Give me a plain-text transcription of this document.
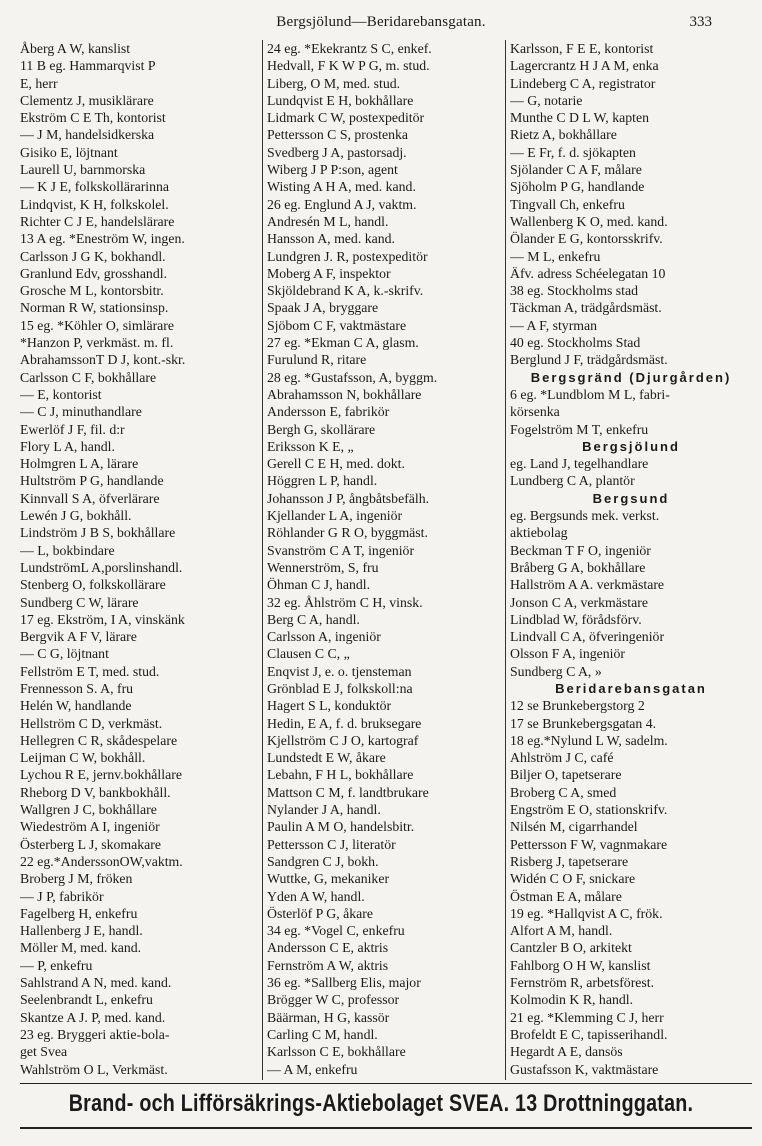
Bergsjölund—Beridarebansgatan.	333
Åberg A W, kanslist
11 B eg. Hammarqvist P
E, herr
Clementz J, musiklärare
Ekström C E Th, kontorist
— J M, handelsidkerska
Gisiko E, löjtnant
Laurell U, barnmorska
— K J E, folkskollärarinna
Lindqvist, K H, folkskolel.
Richter C J E, handelslärare
13 A eg. *Eneström W, ingen.
Carlsson J G K, bokhandl.
Granlund Edv, grosshandl.
Grosche M L, kontorsbitr.
Norman R W, stationsinsp.
15 eg. *Köhler O, simlärare
*Hanzon P, verkmäst. m. fl.
AbrahamssonT D J, kont.-skr.
Carlsson C F, bokhållare
— E, kontorist
— C J, minuthandlare
Ewerlöf J F, fil. d:r
Flory L A, handl.
Holmgren L A, lärare
Hultström P G, handlande
Kinnvall S A, öfverlärare
Lewén J G, bokhåll.
Lindström J B S, bokhållare
— L, bokbindare
LundströmL A,porslinshandl.
Stenberg O, folkskollärare
Sundberg C W, lärare
17 eg. Ekström, I A, vinskänk
Bergvik A F V, lärare
— C G, löjtnant
Fellström E T, med. stud.
Frennesson S. A, fru
Helén W, handlande
Hellström C D, verkmäst.
Hellegren C R, skådespelare
Leijman C W, bokhåll.
Lychou R E, jernv.bokhållare
Rheborg D V, bankbokhåll.
Wallgren J C, bokhållare
Wiedeström A I, ingeniör
Österberg L J, skomakare
22 eg.*AnderssonOW,vaktm.
Broberg J M, fröken
— J P, fabrikör
Fagelberg H, enkefru
Hallenberg J E, handl.
Möller M, med. kand.
— P, enkefru
Sahlstrand A N, med. kand.
Seelenbrandt L, enkefru
Skantze A J. P, med. kand.
23 eg. Bryggeri aktie-bola-
get Svea
Wahlström O L, Verkmäst.
24 eg. *Ekekrantz S C, enkef.
Hedvall, F K W P G, m. stud.
Liberg, O M, med. stud.
Lundqvist E H, bokhållare
Lidmark C W, postexpeditör
Pettersson C S, prostenka
Svedberg J A, pastorsadj.
Wiberg J P P:son, agent
Wisting A H A, med. kand.
26 eg. Englund A J, vaktm.
Andresén M L, handl.
Hansson A, med. kand.
Lundgren J. R, postexpeditör
Moberg A F, inspektor
Skjöldebrand K A, k.-skrifv.
Spaak J A, bryggare
Sjöbom C F, vaktmästare
27 eg. *Ekman C A, glasm.
Furulund R, ritare
28 eg. *Gustafsson, A, byggm.
Abrahamsson N, bokhållare
Andersson E, fabrikör
Bergh G, skollärare
Eriksson K E, „
Gerell C E H, med. dokt.
Höggren L P, handl.
Johansson J P, ångbåtsbefälh.
Kjellander L A, ingeniör
Röhlander G R O, byggmäst.
Svanström C A T, ingeniör
Wennerström, S, fru
Öhman C J, handl.
32 eg. Åhlström C H, vinsk.
Berg C A, handl.
Carlsson A, ingeniör
Clausen C C, „
Enqvist J, e. o. tjensteman
Grönblad E J, folkskoll:na
Hagert S L, konduktör
Hedin, E A, f. d. bruksegare
Kjellström C J O, kartograf
Lundstedt E W, åkare
Lebahn, F H L, bokhållare
Mattson C M, f. landtbrukare
Nylander J A, handl.
Paulin A M O, handelsbitr.
Pettersson C J, literatör
Sandgren C J, bokh.
Wuttke, G, mekaniker
Yden A W, handl.
Österlöf P G, åkare
34 eg. *Vogel C, enkefru
Andersson C E, aktris
Fernström A W, aktris
36 eg. *Sallberg Elis, major
Brögger W C, professor
Bäärman, H G, kassör
Carling C M, handl.
Karlsson C E, bokhållare
— A M, enkefru
Karlsson, F E E, kontorist
Lagercrantz H J A M, enka
Lindeberg C A, registrator
— G, notarie
Munthe C D L W, kapten
Rietz A, bokhållare
— E Fr, f. d. sjökapten
Sjölander C A F, målare
Sjöholm P G, handlande
Tingvall Ch, enkefru
Wallenberg K O, med. kand.
Ölander E G, kontorsskrifv.
— M L, enkefru
Äfv. adress Schéelegatan 10
38 eg. Stockholms stad
Täckman A, trädgårdsmäst.
— A F, styrman
40 eg. Stockholms Stad
Berglund J F, trädgårdsmäst.
Bergsgränd (Djurgården)
6 eg. *Lundblom M L, fabri-
körsenka
Fogelström M T, enkefru
Bergsjölund
eg. Land J, tegelhandlare
Lundberg C A, plantör
Bergsund
eg. Bergsunds mek. verkst.
aktiebolag
Beckman T F O, ingeniör
Bråberg G A, bokhållare
Hallström A A. verkmästare
Jonson C A, verkmästare
Lindblad W, förådsförv.
Lindvall C A, öfveringeniör
Olsson F A, ingeniör
Sundberg C A, »
Beridarebansgatan
12 se Brunkebergstorg 2
17 se Brunkebergsgatan 4.
18 eg.*Nylund L W, sadelm.
Ahlström J C, café
Biljer O, tapetserare
Broberg C A, smed
Engström E O, stationskrifv.
Nilsén M, cigarrhandel
Pettersson F W, vagnmakare
Risberg J, tapetserare
Widén C O F, snickare
Östman E A, målare
19 eg. *Hallqvist A C, frök.
Alfort A M, handl.
Cantzler B O, arkitekt
Fahlborg O H W, kanslist
Fernström R, arbetsförest.
Kolmodin K R, handl.
21 eg. *Klemming C J, herr
Brofeldt E C, tapisserihandl.
Hegardt A E, dansös
Gustafsson K, vaktmästare
Brand- och Lifförsäkrings-Aktiebolaget SVEA. 13 Drottninggatan.
